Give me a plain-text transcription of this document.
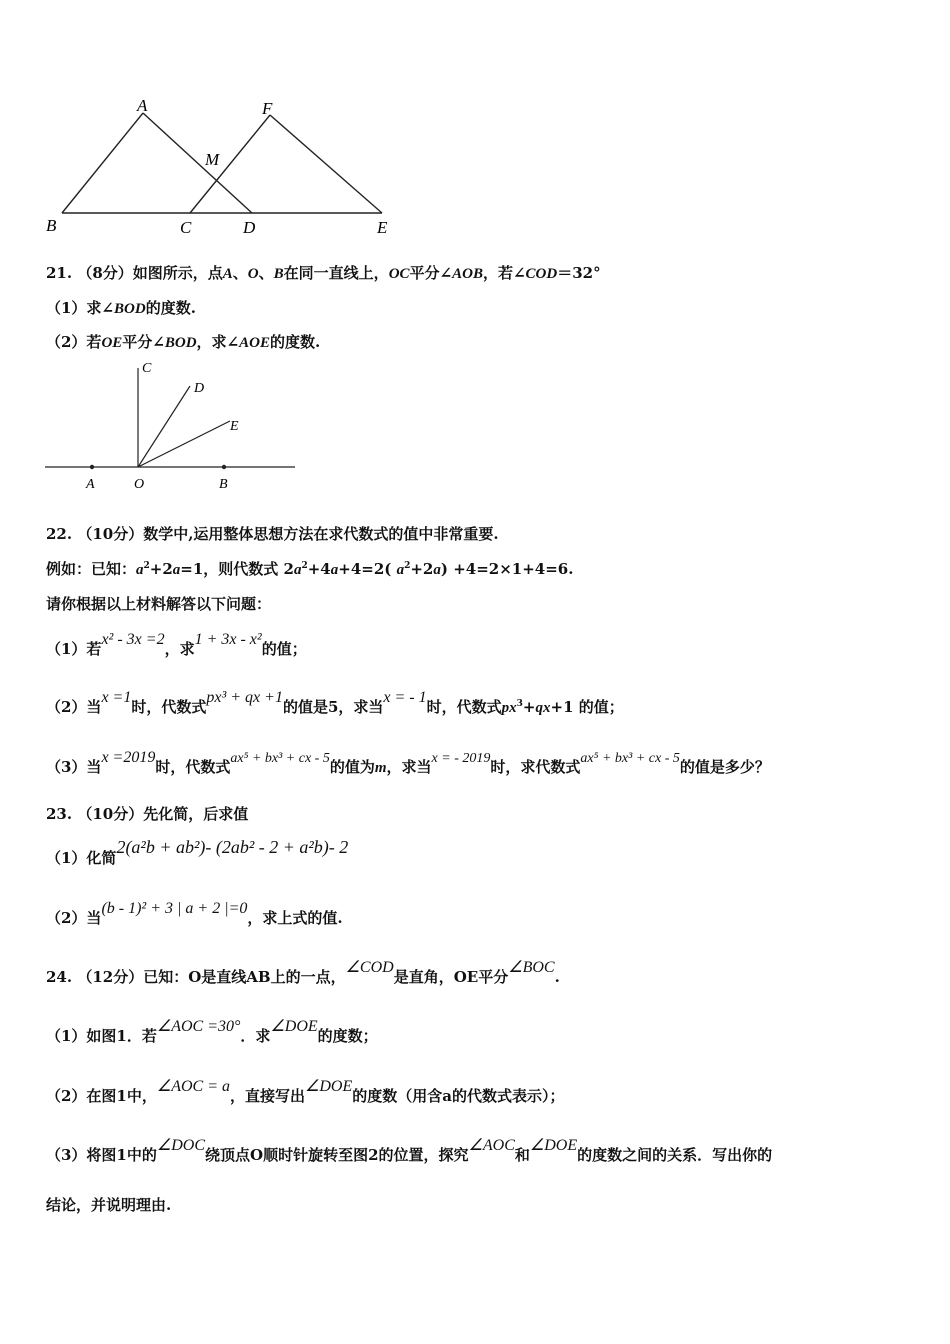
A	F
M
B	C	D	E
21. （8分）如图所示，点A、O、B在同一直线上，OC平分∠AOB，若∠COD＝32°
（1）求∠BOD的度数.
（2）若OE平分∠BOD，求∠AOE的度数.
C
D
E
A	O	B
22. （10分）数学中,运用整体思想方法在求代数式的值中非常重要.
例如：已知：$a^2+2a=1$，则代数式 $2a^2+4a+4=2$( $a^2+2a) +4=2\times 1+4=6$.
请你根据以上材料解答以下问题：
（1）若x² - 3x =2，求1 + 3x - x²的值；
（2）当x =1时，代数式px³ + qx +1的值是5，求当x = - 1时，代数式$px^3+qx+1$ 的值；
（3）当x =2019时，代数式ax⁵ + bx³ + cx - 5的值为m，求当x = - 2019时，求代数式ax⁵ + bx³ + cx - 5的值是多少？
23. （10分）先化简，后求值
（1）化简2(a²b + ab²)- (2ab² - 2 + a²b)- 2
（2）当(b - 1)² + 3 | a + 2 |=0，求上式的值.
24. （12分）已知：O是直线AB上的一点，∠COD是直角，OE平分∠BOC.
（1）如图1．若∠AOC =30°．求∠DOE的度数；
（2）在图1中，∠AOC = a，直接写出∠DOE的度数（用含a的代数式表示）；
（3）将图1中的∠DOC绕顶点O顺时针旋转至图2的位置，探究∠AOC和∠DOE的度数之间的关系．写出你的
结论，并说明理由.
